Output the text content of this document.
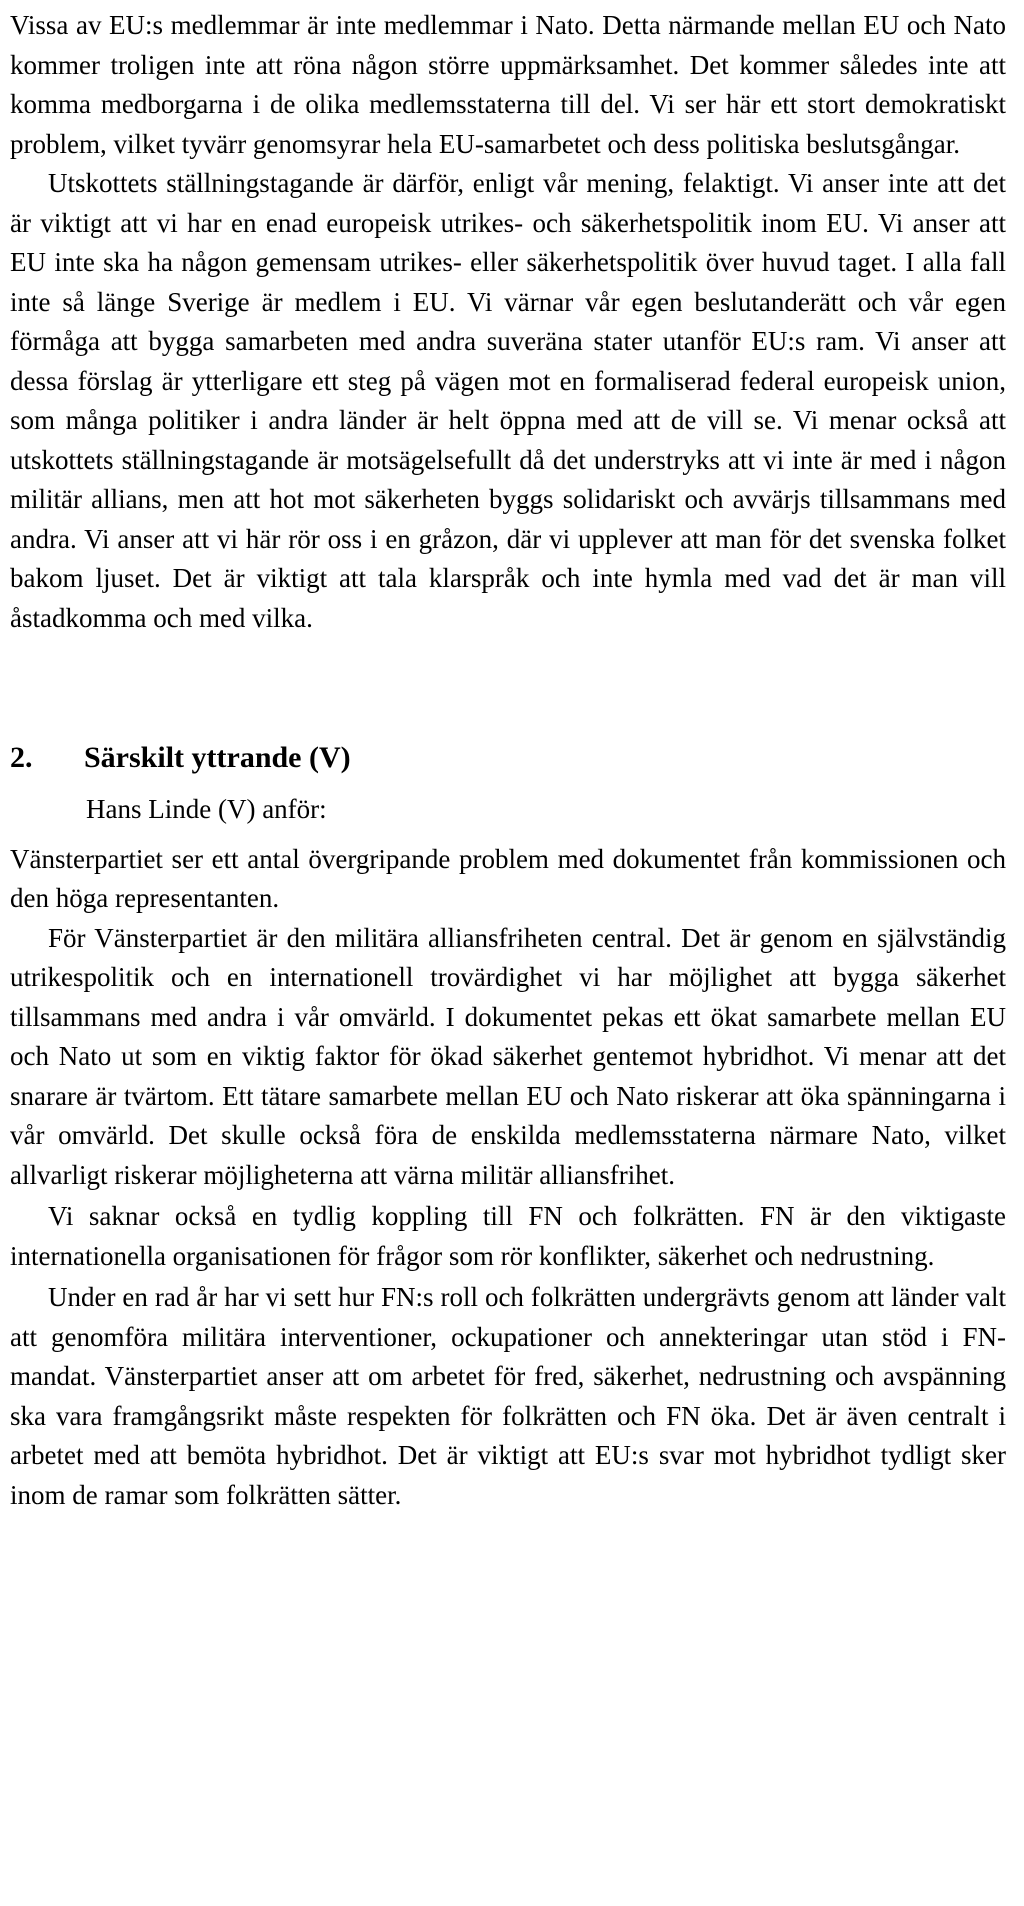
Vissa av EU:s medlemmar är inte medlemmar i Nato. Detta närmande mellan EU och Nato kommer troligen inte att röna någon större uppmärksamhet. Det kommer således inte att komma medborgarna i de olika medlemsstaterna till del. Vi ser här ett stort demokratiskt problem, vilket tyvärr genomsyrar hela EU-samarbetet och dess politiska beslutsgångar.

Utskottets ställningstagande är därför, enligt vår mening, felaktigt. Vi anser inte att det är viktigt att vi har en enad europeisk utrikes- och säkerhetspolitik inom EU. Vi anser att EU inte ska ha någon gemensam utrikes- eller säkerhetspolitik över huvud taget. I alla fall inte så länge Sverige är medlem i EU. Vi värnar vår egen beslutanderätt och vår egen förmåga att bygga samarbeten med andra suveräna stater utanför EU:s ram. Vi anser att dessa förslag är ytterligare ett steg på vägen mot en formaliserad federal europeisk union, som många politiker i andra länder är helt öppna med att de vill se. Vi menar också att utskottets ställningstagande är motsägelsefullt då det understryks att vi inte är med i någon militär allians, men att hot mot säkerheten byggs solidariskt och avvärjs tillsammans med andra. Vi anser att vi här rör oss i en gråzon, där vi upplever att man för det svenska folket bakom ljuset. Det är viktigt att tala klarspråk och inte hymla med vad det är man vill åstadkomma och med vilka.

2.	Särskilt yttrande (V)

Hans Linde (V) anför:

Vänsterpartiet ser ett antal övergripande problem med dokumentet från kommissionen och den höga representanten.

För Vänsterpartiet är den militära alliansfriheten central. Det är genom en självständig utrikespolitik och en internationell trovärdighet vi har möjlighet att bygga säkerhet tillsammans med andra i vår omvärld. I dokumentet pekas ett ökat samarbete mellan EU och Nato ut som en viktig faktor för ökad säkerhet gentemot hybridhot. Vi menar att det snarare är tvärtom. Ett tätare samarbete mellan EU och Nato riskerar att öka spänningarna i vår omvärld. Det skulle också föra de enskilda medlemsstaterna närmare Nato, vilket allvarligt riskerar möjligheterna att värna militär alliansfrihet.

Vi saknar också en tydlig koppling till FN och folkrätten. FN är den viktigaste internationella organisationen för frågor som rör konflikter, säkerhet och nedrustning.

Under en rad år har vi sett hur FN:s roll och folkrätten undergrävts genom att länder valt att genomföra militära interventioner, ockupationer och annekteringar utan stöd i FN-mandat. Vänsterpartiet anser att om arbetet för fred, säkerhet, nedrustning och avspänning ska vara framgångsrikt måste respekten för folkrätten och FN öka. Det är även centralt i arbetet med att bemöta hybridhot. Det är viktigt att EU:s svar mot hybridhot tydligt sker inom de ramar som folkrätten sätter.
